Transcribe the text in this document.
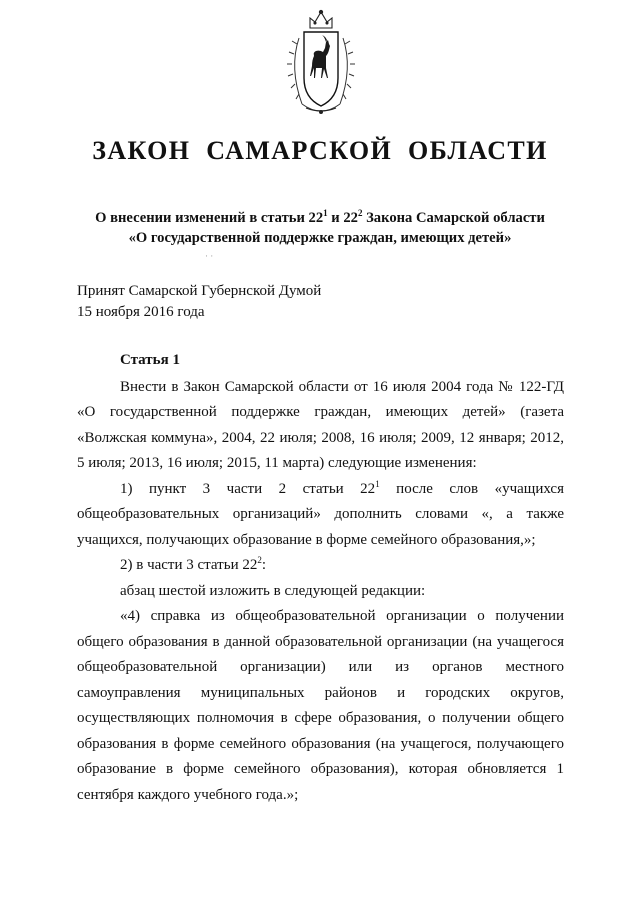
ЗАКОН САМАРСКОЙ ОБЛАСТИ
О внесении изменений в статьи $22^1$ и $22^2$ Закона Самарской области
«О государственной поддержке граждан, имеющих детей»
· ·
Принят Самарской Губернской Думой
15 ноября 2016 года

Статья 1

Внести в Закон Самарской области от 16 июля 2004 года № 122-ГД «О государственной поддержке граждан, имеющих детей» (газета «Волжская коммуна», 2004, 22 июля; 2008, 16 июля; 2009, 12 января; 2012, 5 июля; 2013, 16 июля; 2015, 11 марта) следующие изменения:

1) пункт 3 части 2 статьи $22^1$ после слов «учащихся общеобразовательных организаций» дополнить словами «, а также учащихся, получающих образование в форме семейного образования,»;

2) в части 3 статьи $22^2$:

абзац шестой изложить в следующей редакции:

«4) справка из общеобразовательной организации о получении общего образования в данной образовательной организации (на учащегося общеобразовательной организации) или из органов местного самоуправления муниципальных районов и городских округов, осуществляющих полномочия в сфере образования, о получении общего образования в форме семейного образования (на учащегося, получающего образование в форме семейного образования), которая обновляется 1 сентября каждого учебного года.»;
